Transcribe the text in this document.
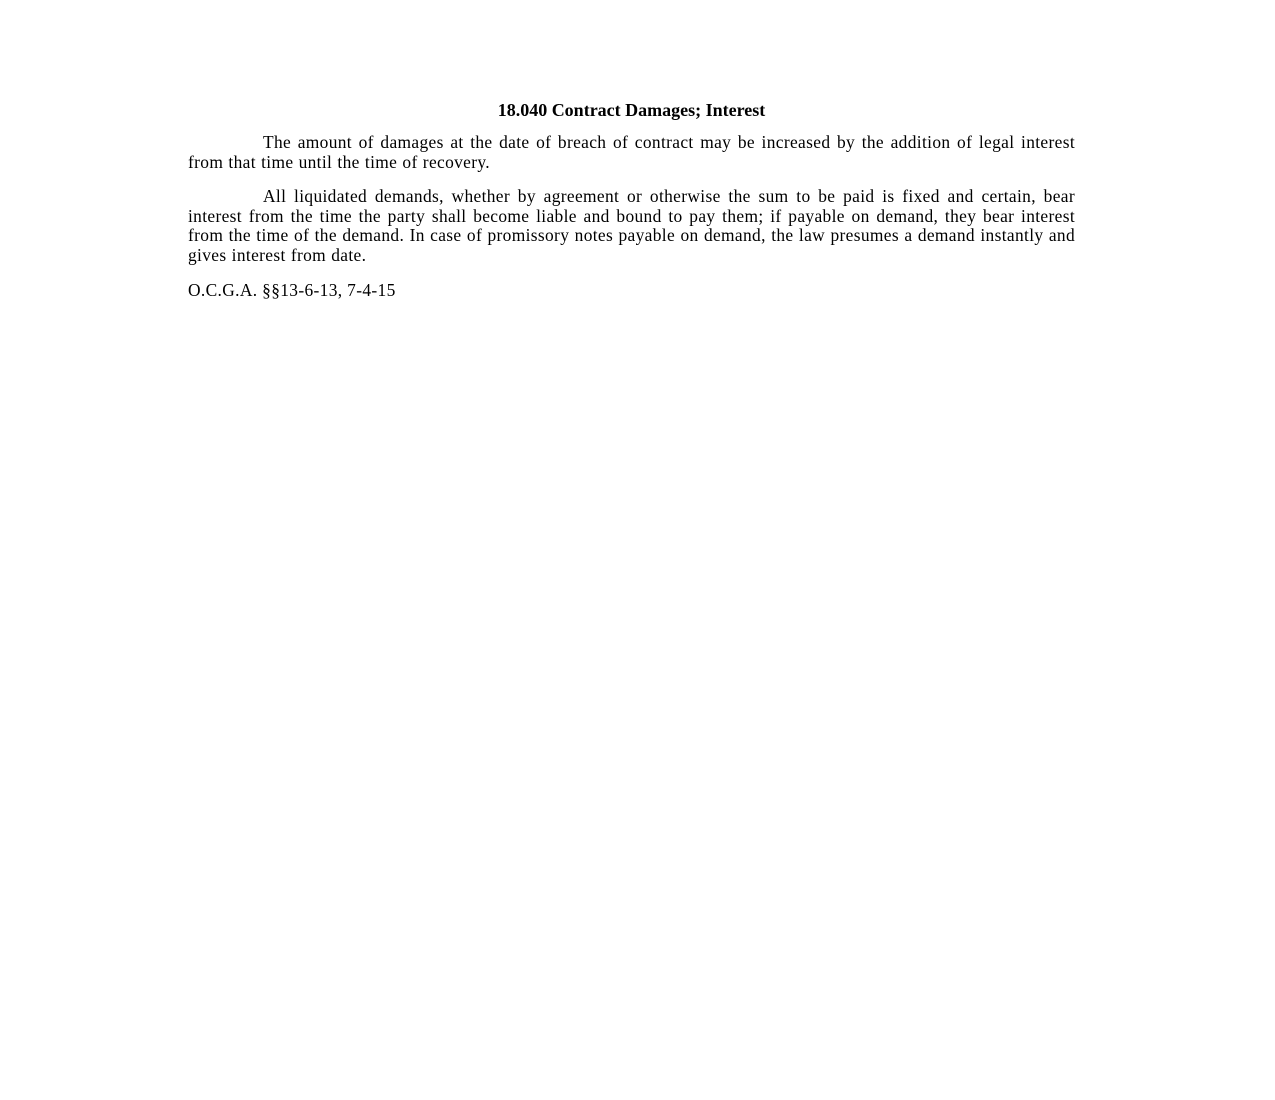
18.040 Contract Damages; Interest

The amount of damages at the date of breach of contract may be increased by the addition of legal interest from that time until the time of recovery.

All liquidated demands, whether by agreement or otherwise the sum to be paid is fixed and certain, bear interest from the time the party shall become liable and bound to pay them; if payable on demand, they bear interest from the time of the demand. In case of promissory notes payable on demand, the law presumes a demand instantly and gives interest from date.

O.C.G.A. §§13-6-13, 7-4-15
